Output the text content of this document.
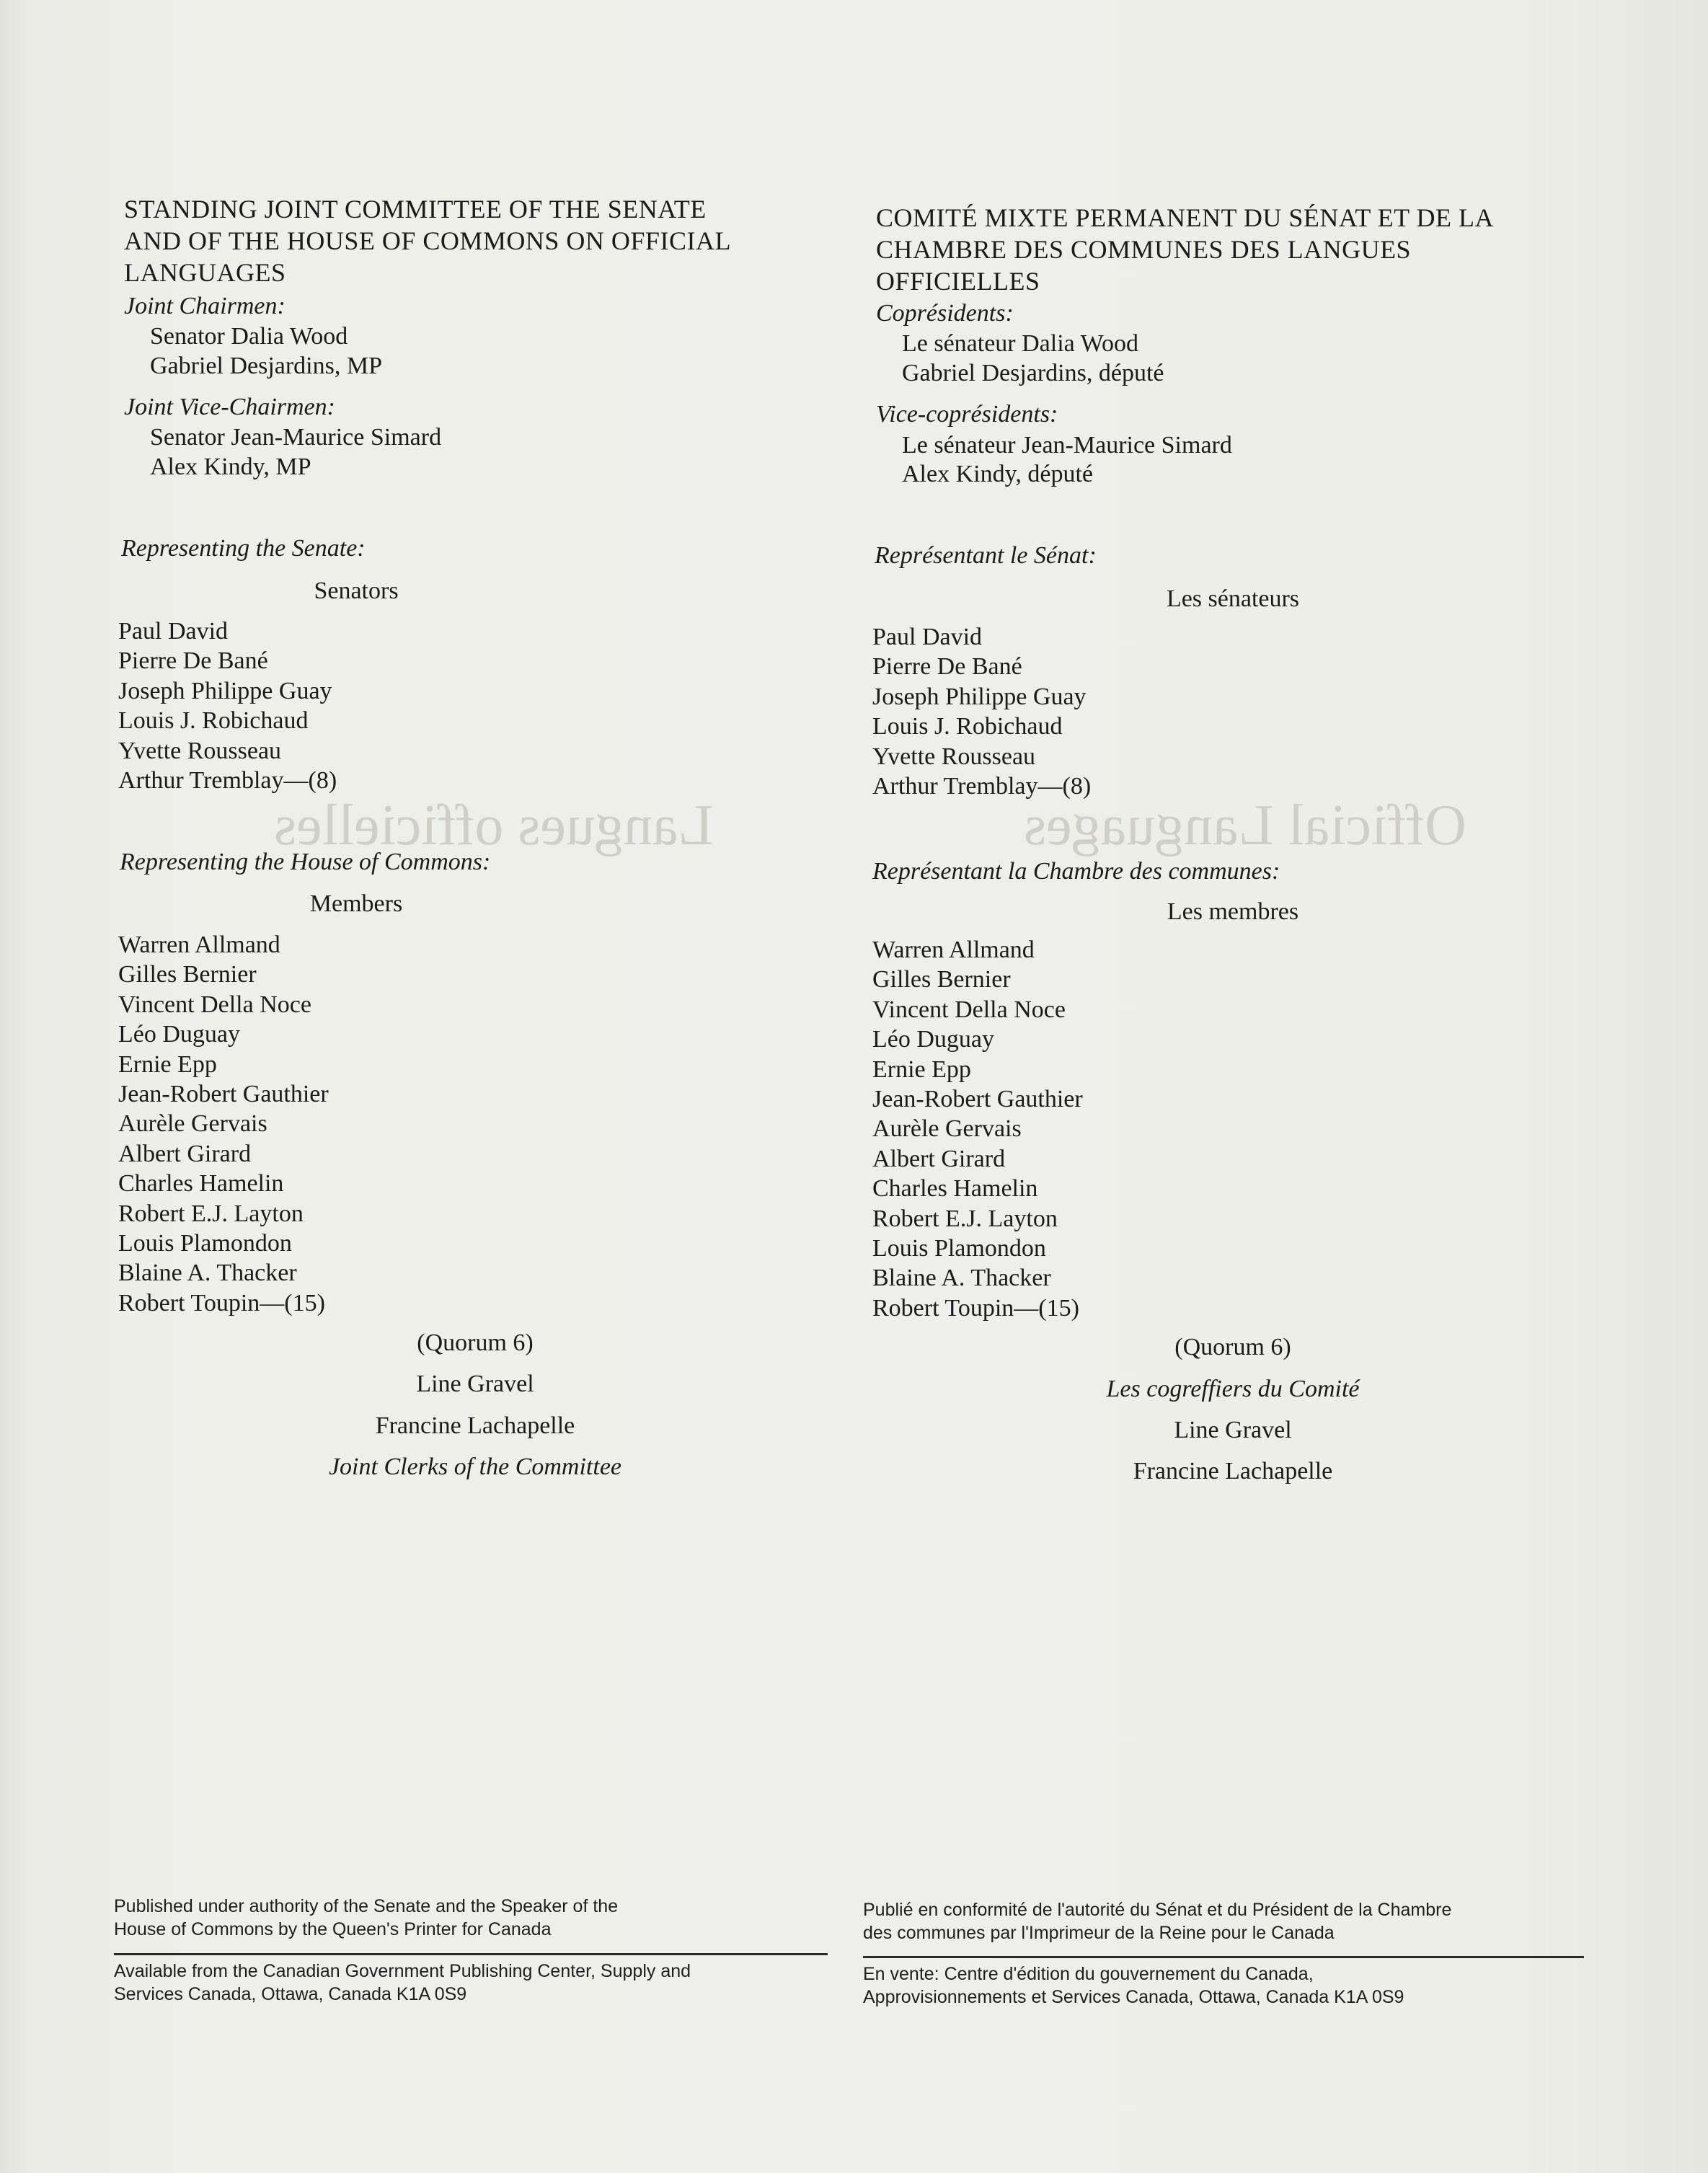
Langues officielles	Official Languages
STANDING JOINT COMMITTEE OF THE SENATE
AND OF THE HOUSE OF COMMONS ON OFFICIAL
LANGUAGES
Joint Chairmen:
Senator Dalia Wood
Gabriel Desjardins, MP
Joint Vice-Chairmen:
Senator Jean-Maurice Simard
Alex Kindy, MP
Representing the Senate:
Senators
Paul David
Pierre De Bané
Joseph Philippe Guay
Louis J. Robichaud
Yvette Rousseau
Arthur Tremblay—(8)
Representing the House of Commons:
Members
Warren Allmand
Gilles Bernier
Vincent Della Noce
Léo Duguay
Ernie Epp
Jean-Robert Gauthier
Aurèle Gervais
Albert Girard
Charles Hamelin
Robert E.J. Layton
Louis Plamondon
Blaine A. Thacker
Robert Toupin—(15)
(Quorum 6)
Line Gravel
Francine Lachapelle
Joint Clerks of the Committee
Published under authority of the Senate and the Speaker of the
House of Commons by the Queen's Printer for Canada
Available from the Canadian Government Publishing Center, Supply and
Services Canada, Ottawa, Canada K1A 0S9
COMITÉ MIXTE PERMANENT DU SÉNAT ET DE LA
CHAMBRE DES COMMUNES DES LANGUES
OFFICIELLES
Coprésidents:
Le sénateur Dalia Wood
Gabriel Desjardins, député
Vice-coprésidents:
Le sénateur Jean-Maurice Simard
Alex Kindy, député
Représentant le Sénat:
Les sénateurs
Paul David
Pierre De Bané
Joseph Philippe Guay
Louis J. Robichaud
Yvette Rousseau
Arthur Tremblay—(8)
Représentant la Chambre des communes:
Les membres
Warren Allmand
Gilles Bernier
Vincent Della Noce
Léo Duguay
Ernie Epp
Jean-Robert Gauthier
Aurèle Gervais
Albert Girard
Charles Hamelin
Robert E.J. Layton
Louis Plamondon
Blaine A. Thacker
Robert Toupin—(15)
(Quorum 6)
Les cogreffiers du Comité
Line Gravel
Francine Lachapelle
Publié en conformité de l'autorité du Sénat et du Président de la Chambre
des communes par l'Imprimeur de la Reine pour le Canada
En vente: Centre d'édition du gouvernement du Canada,
Approvisionnements et Services Canada, Ottawa, Canada K1A 0S9
